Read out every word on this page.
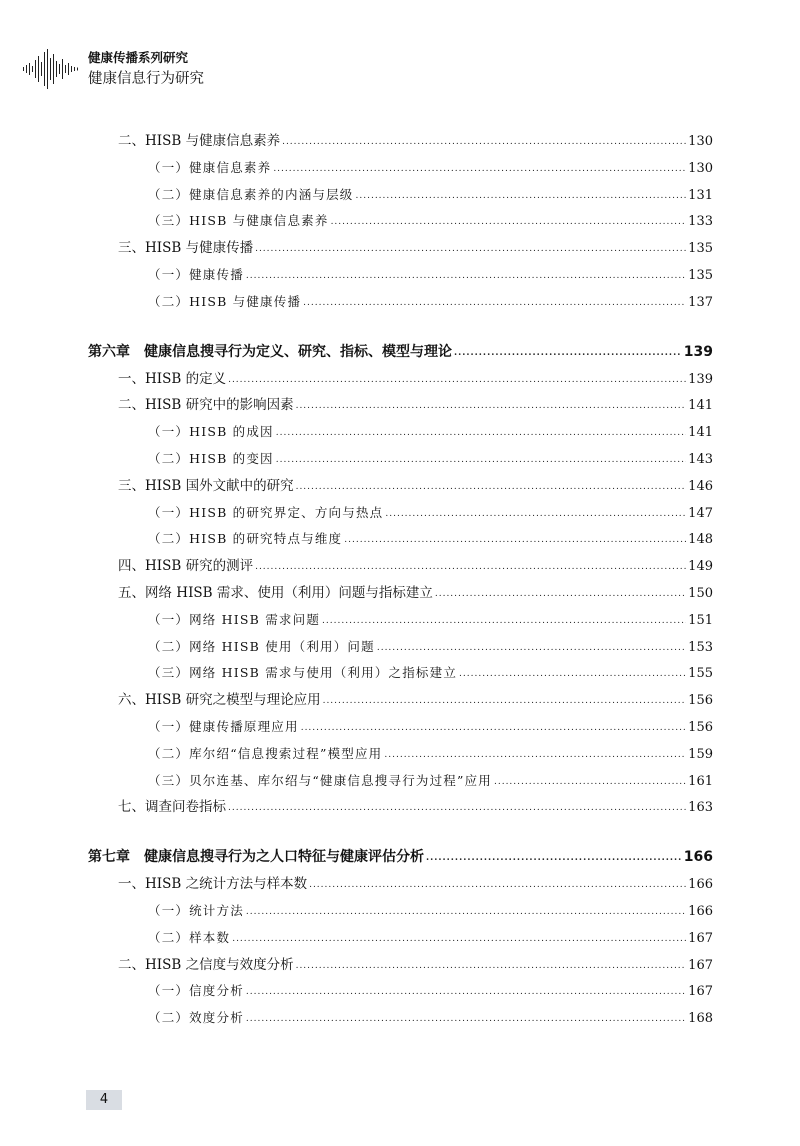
健康传播系列研究
健康信息行为研究
二、HISB 与健康信息素养 .....	130
（一）健康信息素养 .....	130
（二）健康信息素养的内涵与层级 .....	131
（三）HISB 与健康信息素养 .....	133
三、HISB 与健康传播 .....	135
（一）健康传播 .....	135
（二）HISB 与健康传播 .....	137
第六章　健康信息搜寻行为定义、研究、指标、模型与理论 .....	139
一、HISB 的定义 .....	139
二、HISB 研究中的影响因素 .....	141
（一）HISB 的成因 .....	141
（二）HISB 的变因 .....	143
三、HISB 国外文献中的研究 .....	146
（一）HISB 的研究界定、方向与热点 .....	147
（二）HISB 的研究特点与维度 .....	148
四、HISB 研究的测评 .....	149
五、网络 HISB 需求、使用（利用）问题与指标建立 .....	150
（一）网络 HISB 需求问题 .....	151
（二）网络 HISB 使用（利用）问题 .....	153
（三）网络 HISB 需求与使用（利用）之指标建立 .....	155
六、HISB 研究之模型与理论应用 .....	156
（一）健康传播原理应用 .....	156
（二）库尔绍“信息搜索过程”模型应用 .....	159
（三）贝尔连基、库尔绍与“健康信息搜寻行为过程”应用 .....	161
七、调查问卷指标 .....	163
第七章　健康信息搜寻行为之人口特征与健康评估分析 .....	166
一、HISB 之统计方法与样本数 .....	166
（一）统计方法 .....	166
（二）样本数 .....	167
二、HISB 之信度与效度分析 .....	167
（一）信度分析 .....	167
（二）效度分析 .....	168
4
